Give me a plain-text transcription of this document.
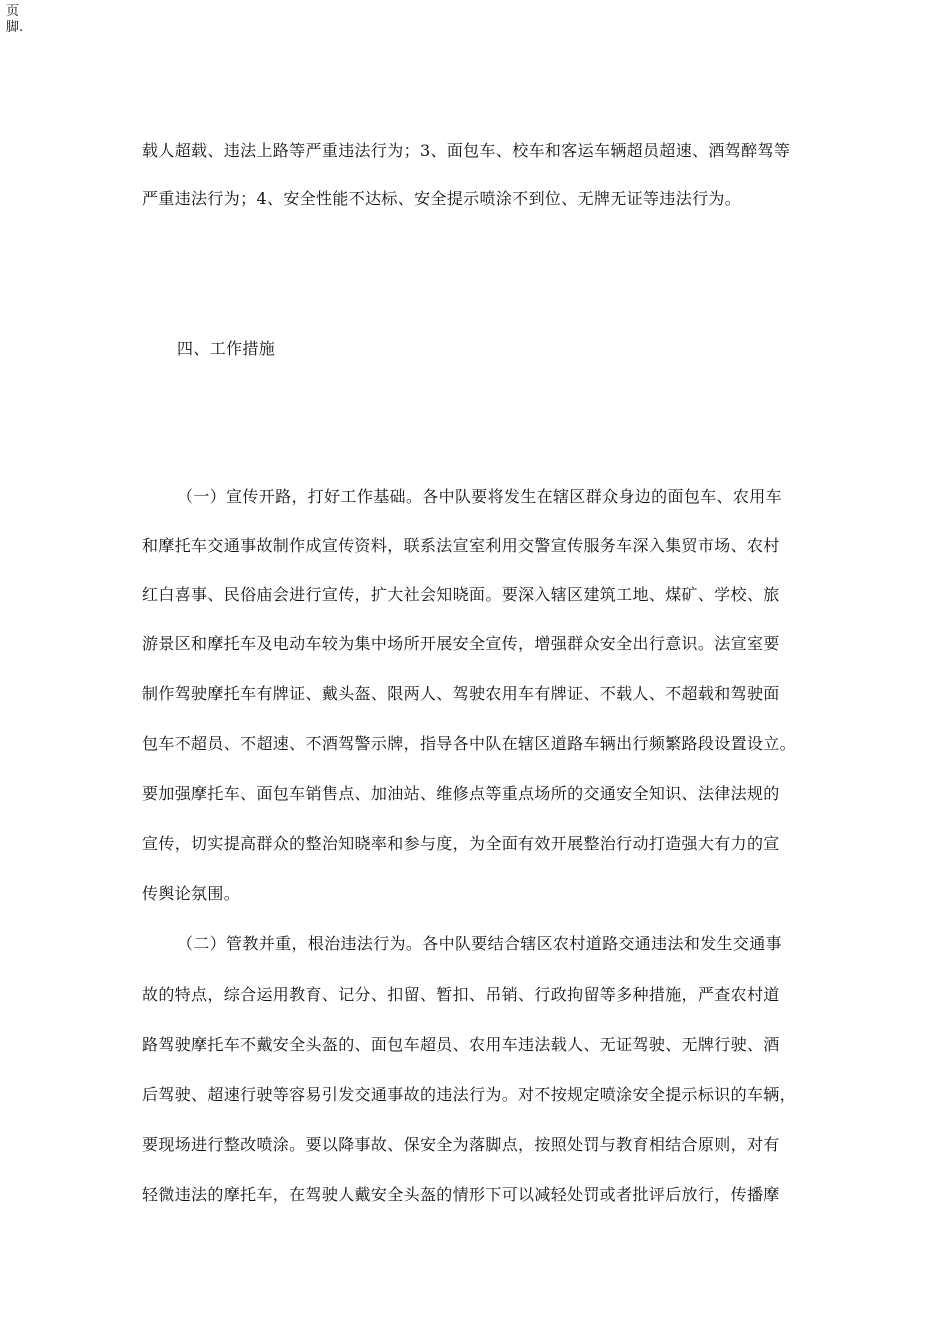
页
脚.
载人超载、违法上路等严重违法行为；3、面包车、校车和客运车辆超员超速、酒驾醉驾等
严重违法行为；4、安全性能不达标、安全提示喷涂不到位、无牌无证等违法行为。
四、工作措施
（一）宣传开路，打好工作基础。各中队要将发生在辖区群众身边的面包车、农用车
和摩托车交通事故制作成宣传资料，联系法宣室利用交警宣传服务车深入集贸市场、农村
红白喜事、民俗庙会进行宣传，扩大社会知晓面。要深入辖区建筑工地、煤矿、学校、旅
游景区和摩托车及电动车较为集中场所开展安全宣传，增强群众安全出行意识。法宣室要
制作驾驶摩托车有牌证、戴头盔、限两人、驾驶农用车有牌证、不载人、不超载和驾驶面
包车不超员、不超速、不酒驾警示牌，指导各中队在辖区道路车辆出行频繁路段设置设立。
要加强摩托车、面包车销售点、加油站、维修点等重点场所的交通安全知识、法律法规的
宣传，切实提高群众的整治知晓率和参与度，为全面有效开展整治行动打造强大有力的宣
传舆论氛围。
（二）管教并重，根治违法行为。各中队要结合辖区农村道路交通违法和发生交通事
故的特点，综合运用教育、记分、扣留、暂扣、吊销、行政拘留等多种措施，严查农村道
路驾驶摩托车不戴安全头盔的、面包车超员、农用车违法载人、无证驾驶、无牌行驶、酒
后驾驶、超速行驶等容易引发交通事故的违法行为。对不按规定喷涂安全提示标识的车辆，
要现场进行整改喷涂。要以降事故、保安全为落脚点，按照处罚与教育相结合原则，对有
轻微违法的摩托车，在驾驶人戴安全头盔的情形下可以减轻处罚或者批评后放行，传播摩
